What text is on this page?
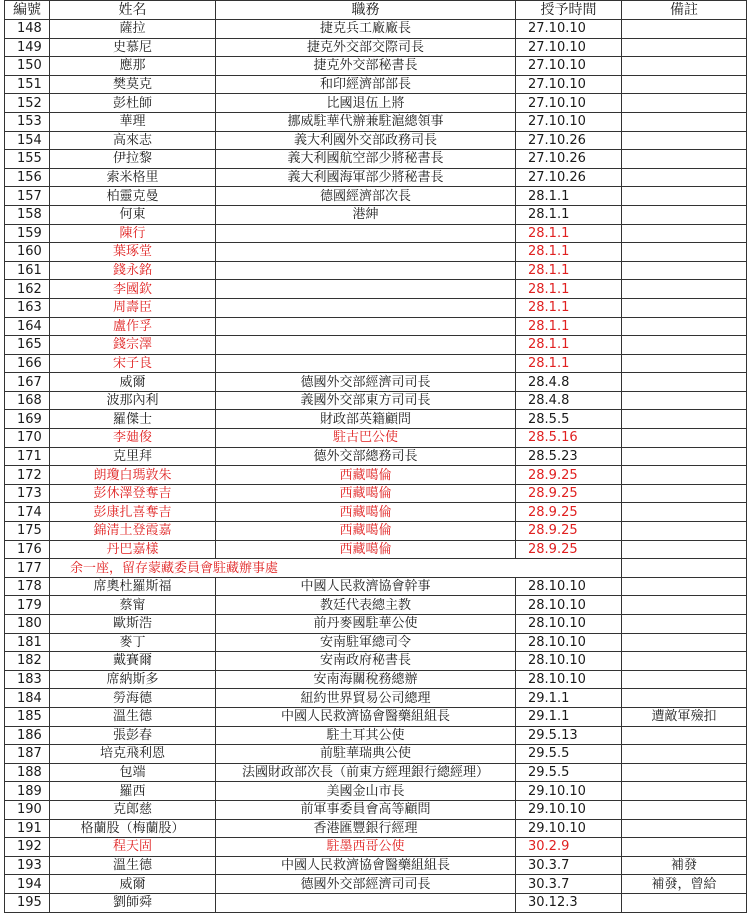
編號	姓名	職務	授予時間	備註
148	薩拉	捷克兵工廠廠長	27.10.10	
149	史慕尼	捷克外交部交際司長	27.10.10	
150	應那	捷克外交部秘書長	27.10.10	
151	樊莫克	和印經濟部部長	27.10.10	
152	彭杜師	比國退伍上將	27.10.10	
153	華理	挪威駐華代辦兼駐滬總領事	27.10.10	
154	高來志	義大利國外交部政務司長	27.10.26	
155	伊拉黎	義大利國航空部少將秘書長	27.10.26	
156	索米格里	義大利國海軍部少將秘書長	27.10.26	
157	柏靈克曼	德國經濟部次長	28.1.1	
158	何東	港紳	28.1.1	
159	陳行		28.1.1	
160	葉琢堂		28.1.1	
161	錢永銘		28.1.1	
162	李國欽		28.1.1	
163	周壽臣		28.1.1	
164	盧作孚		28.1.1	
165	錢宗澤		28.1.1	
166	宋子良		28.1.1	
167	威爾	德國外交部經濟司司長	28.4.8	
168	波那內利	義國外交部東方司司長	28.4.8	
169	羅傑士	財政部英籍顧問	28.5.5	
170	李廸俊	駐古巴公使	28.5.16	
171	克里拜	德外交部總務司長	28.5.23	
172	朗瓊白瑪敦朱	西藏噶倫	28.9.25	
173	彭休澤登奪吉	西藏噶倫	28.9.25	
174	彭康扎喜奪吉	西藏噶倫	28.9.25	
175	錦清土登霞嘉	西藏噶倫	28.9.25	
176	丹巴嘉樣	西藏噶倫	28.9.25	
177	余一座，留存蒙藏委員會駐藏辦事處			
178	席奧杜羅斯福	中國人民救濟協會幹事	28.10.10	
179	蔡甯	教廷代表總主教	28.10.10	
180	歐斯浩	前丹麥國駐華公使	28.10.10	
181	麥丁	安南駐軍總司令	28.10.10	
182	戴賽爾	安南政府秘書長	28.10.10	
183	席納斯多	安南海關稅務總辦	28.10.10	
184	勞海德	紐約世界貿易公司總理	29.1.1	
185	溫生德	中國人民救濟協會醫藥組組長	29.1.1	遭敵軍殮扣
186	張彭春	駐土耳其公使	29.5.13	
187	培克飛利恩	前駐華瑞典公使	29.5.5	
188	包端	法國財政部次長（前東方經理銀行總經理）	29.5.5	
189	羅西	美國金山市長	29.10.10	
190	克郎慈	前軍事委員會高等顧問	29.10.10	
191	格蘭股（梅蘭股）	香港匯豐銀行經理	29.10.10	
192	程天固	駐墨西哥公使	30.2.9	
193	溫生德	中國人民救濟協會醫藥組組長	30.3.7	補發
194	威爾	德國外交部經濟司司長	30.3.7	補發，曾給
195	劉師舜		30.12.3	
